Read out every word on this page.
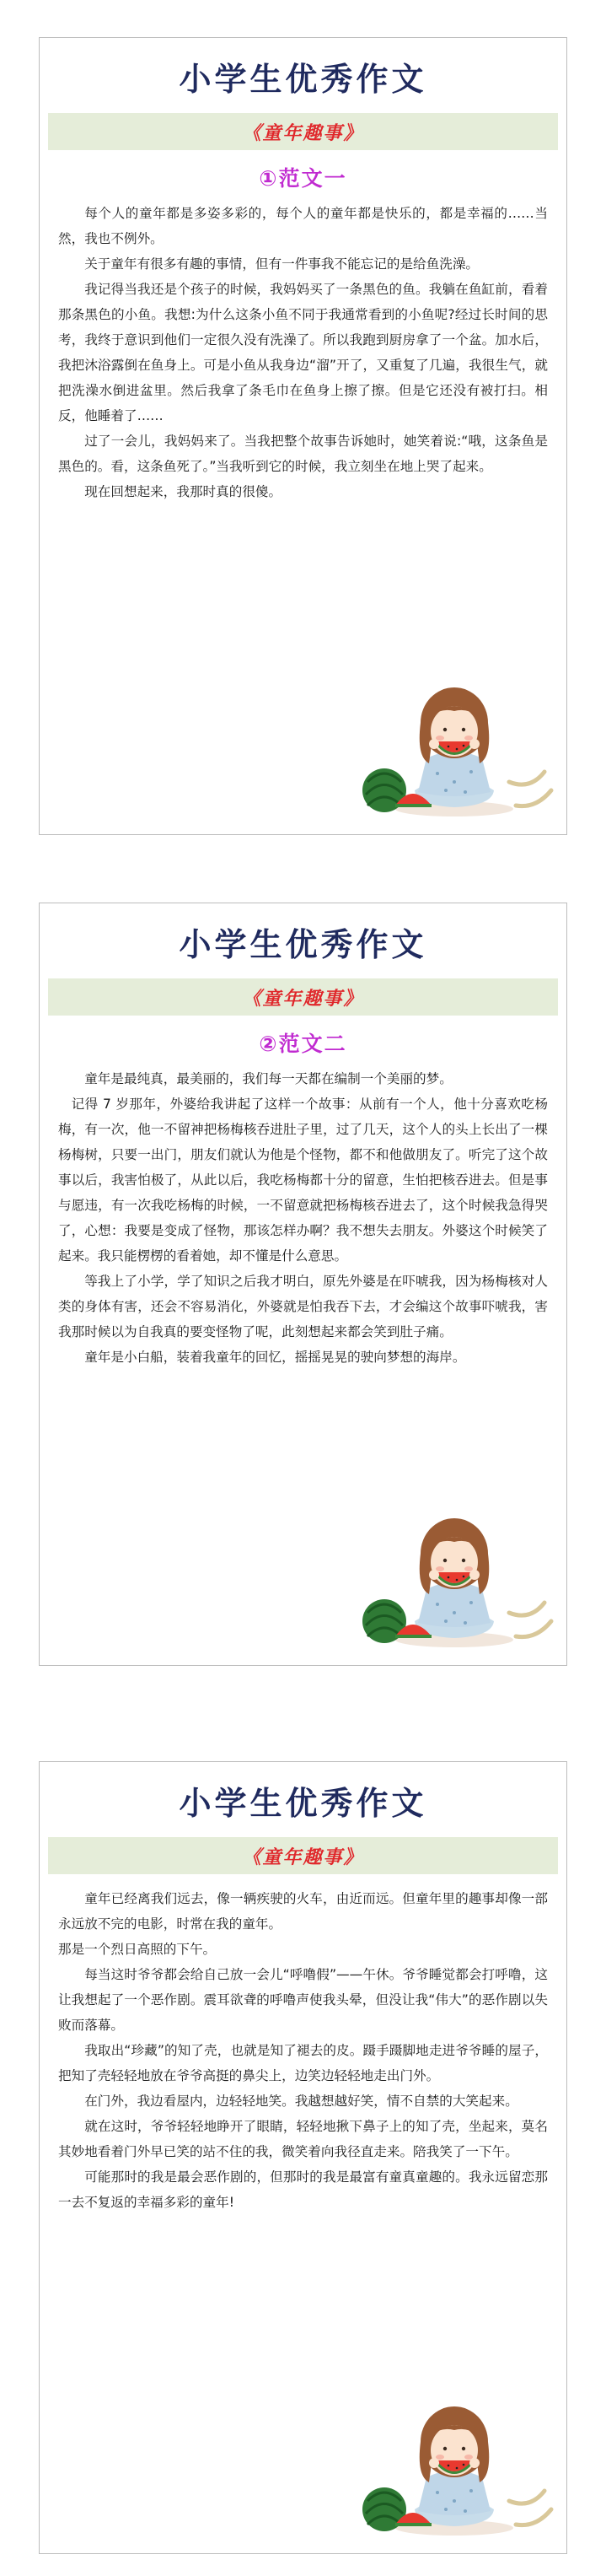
小学生优秀作文
《童年趣事》
①范文一

每个人的童年都是多姿多彩的，每个人的童年都是快乐的，都是幸福的……当然，我也不例外。

关于童年有很多有趣的事情，但有一件事我不能忘记的是给鱼洗澡。

我记得当我还是个孩子的时候，我妈妈买了一条黑色的鱼。我躺在鱼缸前，看着那条黑色的小鱼。我想:为什么这条小鱼不同于我通常看到的小鱼呢?经过长时间的思考，我终于意识到他们一定很久没有洗澡了。所以我跑到厨房拿了一个盆。加水后，我把沐浴露倒在鱼身上。可是小鱼从我身边“溜”开了，又重复了几遍，我很生气，就把洗澡水倒进盆里。然后我拿了条毛巾在鱼身上擦了擦。但是它还没有被打扫。相反，他睡着了……

过了一会儿，我妈妈来了。当我把整个故事告诉她时，她笑着说:“哦，这条鱼是黑色的。看，这条鱼死了。”当我听到它的时候，我立刻坐在地上哭了起来。

现在回想起来，我那时真的很傻。

小学生优秀作文
《童年趣事》
②范文二

童年是最纯真，最美丽的，我们每一天都在编制一个美丽的梦。

记得 7 岁那年，外婆给我讲起了这样一个故事：从前有一个人，他十分喜欢吃杨梅，有一次，他一不留神把杨梅核吞进肚子里，过了几天，这个人的头上长出了一棵杨梅树，只要一出门，朋友们就认为他是个怪物，都不和他做朋友了。听完了这个故事以后，我害怕极了，从此以后，我吃杨梅都十分的留意，生怕把核吞进去。但是事与愿违，有一次我吃杨梅的时候，一不留意就把杨梅核吞进去了，这个时候我急得哭了，心想：我要是变成了怪物，那该怎样办啊？我不想失去朋友。外婆这个时候笑了起来。我只能楞楞的看着她，却不懂是什么意思。

等我上了小学，学了知识之后我才明白，原先外婆是在吓唬我，因为杨梅核对人类的身体有害，还会不容易消化，外婆就是怕我吞下去，才会编这个故事吓唬我，害我那时候以为自我真的要变怪物了呢，此刻想起来都会笑到肚子痛。

童年是小白船，装着我童年的回忆，摇摇晃晃的驶向梦想的海岸。

小学生优秀作文
《童年趣事》

童年已经离我们远去，像一辆疾驶的火车，由近而远。但童年里的趣事却像一部永远放不完的电影，时常在我的童年。

那是一个烈日高照的下午。

每当这时爷爷都会给自己放一会儿“呼噜假”——午休。爷爷睡觉都会打呼噜，这让我想起了一个恶作剧。震耳欲聋的呼噜声使我头晕，但没让我“伟大”的恶作剧以失败而落幕。

我取出“珍藏”的知了壳，也就是知了褪去的皮。蹑手蹑脚地走进爷爷睡的屋子，把知了壳轻轻地放在爷爷高挺的鼻尖上，边笑边轻轻地走出门外。

在门外，我边看屋内，边轻轻地笑。我越想越好笑，情不自禁的大笑起来。

就在这时，爷爷轻轻地睁开了眼睛，轻轻地揪下鼻子上的知了壳，坐起来，莫名其妙地看着门外早已笑的站不住的我，微笑着向我径直走来。陪我笑了一下午。

可能那时的我是最会恶作剧的，但那时的我是最富有童真童趣的。我永远留恋那一去不复返的幸福多彩的童年!
